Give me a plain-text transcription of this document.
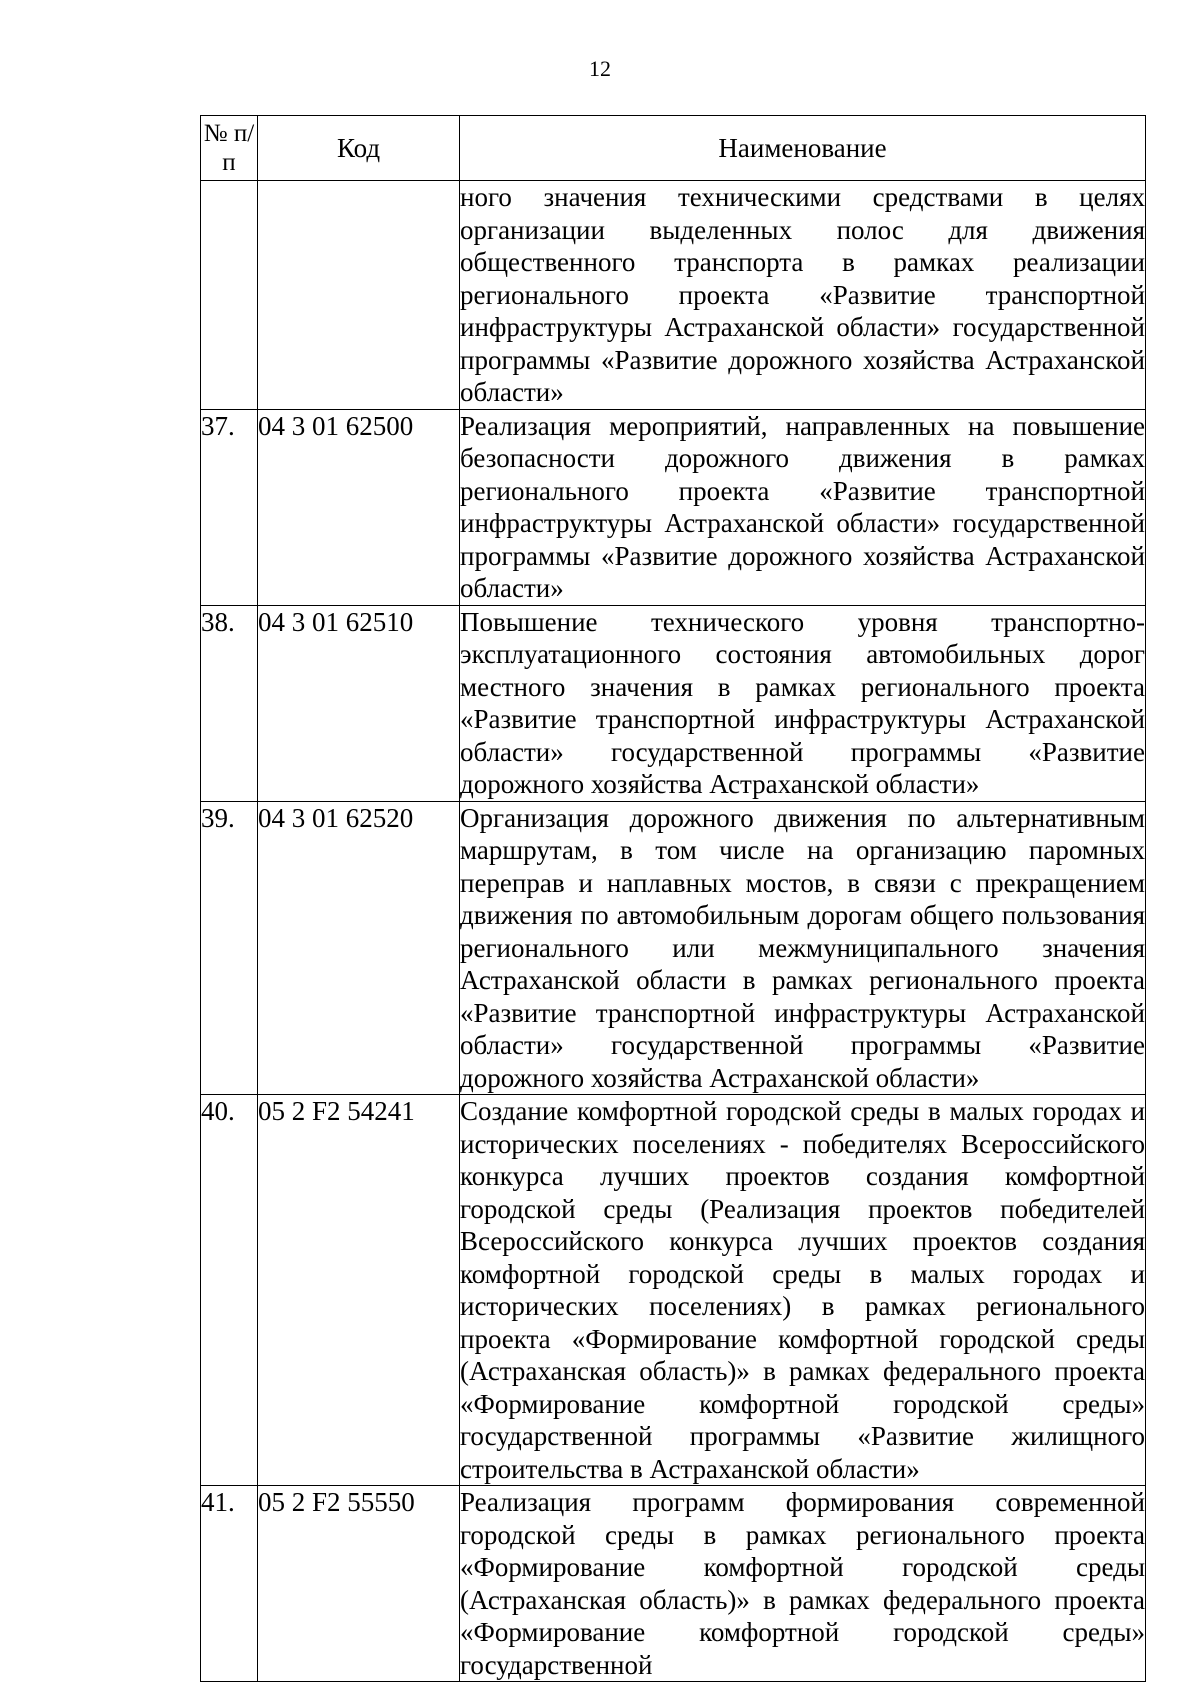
12
№ п/п	Код	Наименование

		ного значения техническими средствами в целях организации выделенных полос для движения общественного транспорта в рамках реализации регионального проекта «Развитие транспортной инфраструктуры Астраханской области» государственной программы «Развитие дорожного хозяйства Астраханской области»

37.	04 3 01 62500	Реализация мероприятий, направленных на повышение безопасности дорожного движения в рамках регионального проекта «Развитие транспортной инфраструктуры Астраханской области» государственной программы «Развитие дорожного хозяйства Астраханской области»

38.	04 3 01 62510	Повышение технического уровня транспортно-эксплуатационного состояния автомобильных дорог местного значения в рамках регионального проекта «Развитие транспортной инфраструктуры Астраханской области» государственной программы «Развитие дорожного хозяйства Астраханской области»

39.	04 3 01 62520	Организация дорожного движения по альтернативным маршрутам, в том числе на организацию паромных переправ и наплавных мостов, в связи с прекращением движения по автомобильным дорогам общего пользования регионального или межмуниципального значения Астраханской области в рамках регионального проекта «Развитие транспортной инфраструктуры Астраханской области» государственной программы «Развитие дорожного хозяйства Астраханской области»

40.	05 2 F2 54241	Создание комфортной городской среды в малых городах и исторических поселениях - победителях Всероссийского конкурса лучших проектов создания комфортной городской среды (Реализация проектов победителей Всероссийского конкурса лучших проектов создания комфортной городской среды в малых городах и исторических поселениях) в рамках регионального проекта «Формирование комфортной городской среды (Астраханская область)» в рамках федерального проекта «Формирование комфортной городской среды» государственной программы «Развитие жилищного строительства в Астраханской области»

41.	05 2 F2 55550	Реализация программ формирования современной городской среды в рамках регионального проекта «Формирование комфортной городской среды (Астраханская область)» в рамках федерального проекта «Формирование комфортной городской среды» государственной
